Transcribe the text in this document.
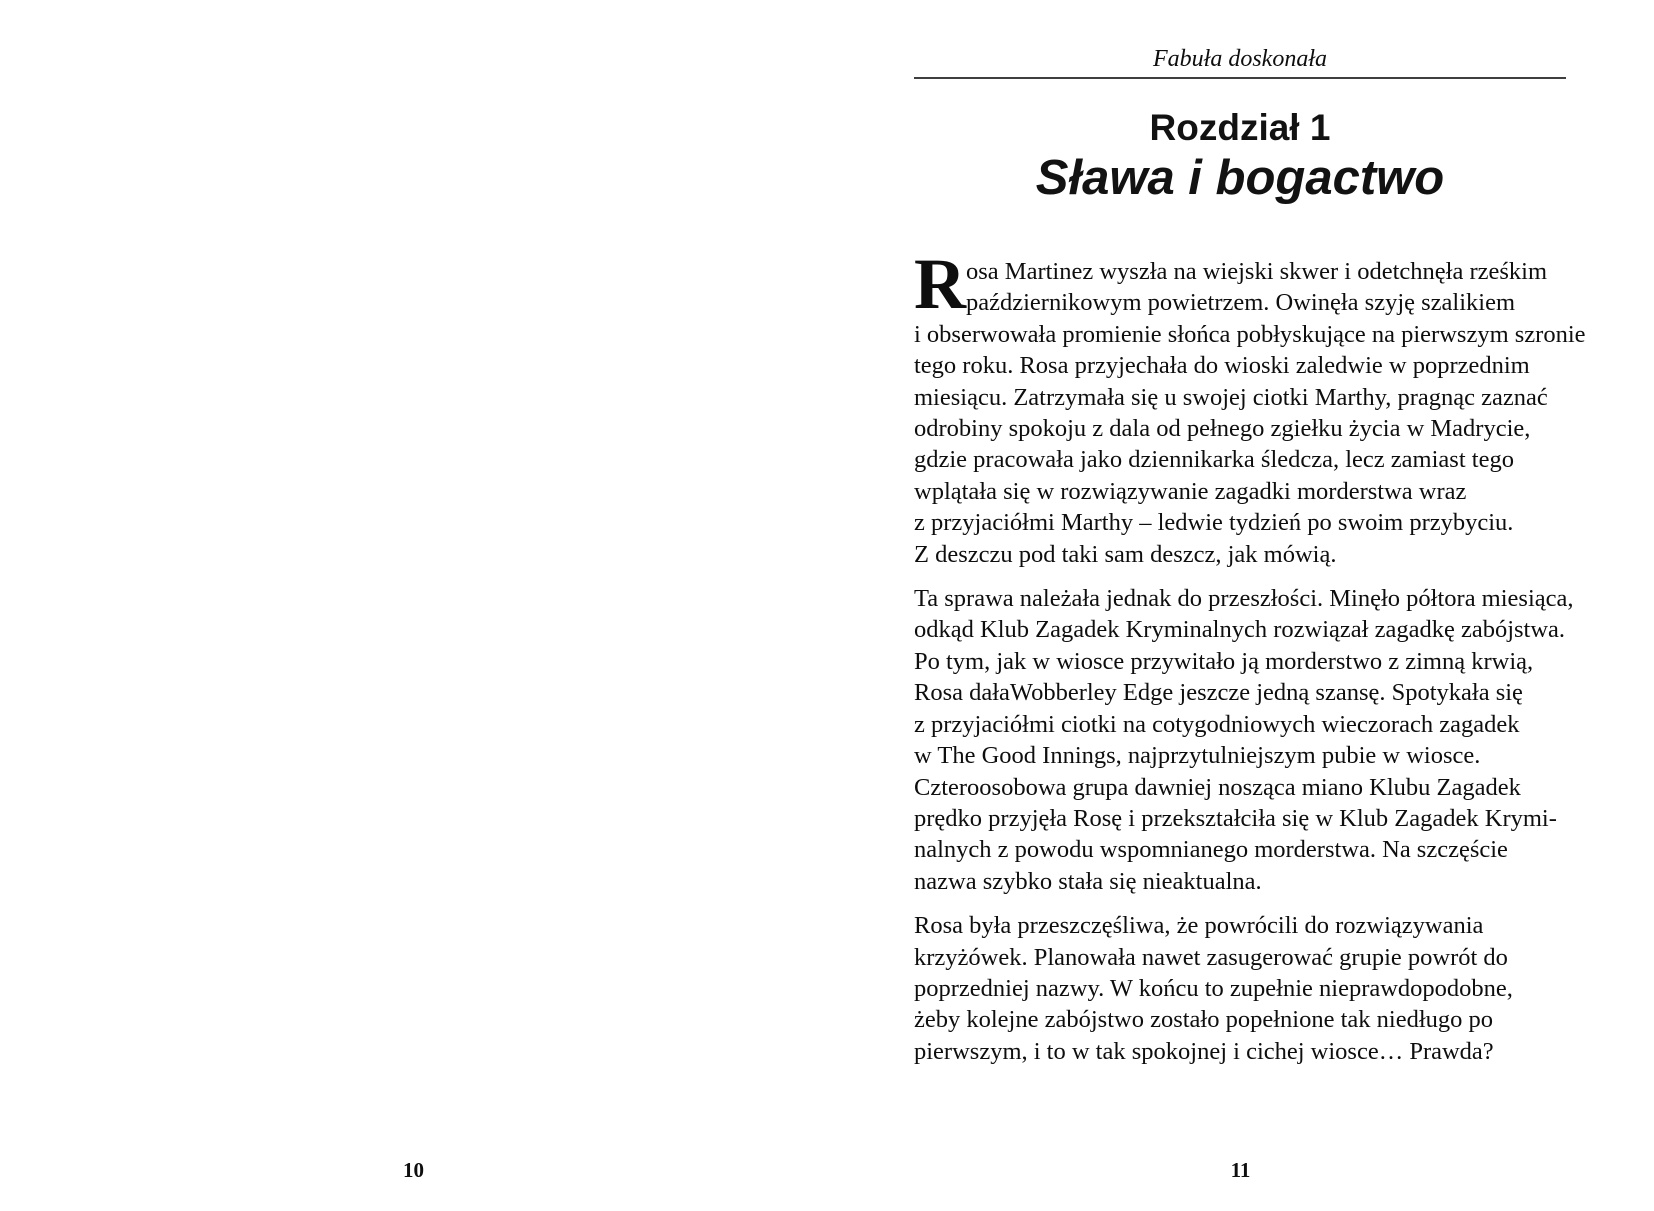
10
Fabuła doskonała
Rozdział 1
Sława i bogactwo
R osa Martinez wyszła na wiejski skwer i odetchnęła rześkim
październikowym powietrzem. Owinęła szyję szalikiem
i obserwowała promienie słońca pobłyskujące na pierwszym szronie
tego roku. Rosa przyjechała do wioski zaledwie w poprzednim
miesiącu. Zatrzymała się u swojej ciotki Marthy, pragnąc zaznać
odrobiny spokoju z dala od pełnego zgiełku życia w Madrycie,
gdzie pracowała jako dziennikarka śledcza, lecz zamiast tego
wplątała się w rozwiązywanie zagadki morderstwa wraz
z przyjaciółmi Marthy – ledwie tydzień po swoim przybyciu.
Z deszczu pod taki sam deszcz, jak mówią.
Ta sprawa należała jednak do przeszłości. Minęło półtora miesiąca,
odkąd Klub Zagadek Kryminalnych rozwiązał zagadkę zabójstwa.
Po tym, jak w wiosce przywitało ją morderstwo z zimną krwią,
Rosa dałaWobberley Edge jeszcze jedną szansę. Spotykała się
z przyjaciółmi ciotki na cotygodniowych wieczorach zagadek
w The Good Innings, najprzytulniejszym pubie w wiosce.
Czteroosobowa grupa dawniej nosząca miano Klubu Zagadek
prędko przyjęła Rosę i przekształciła się w Klub Zagadek Krymi-
nalnych z powodu wspomnianego morderstwa. Na szczęście
nazwa szybko stała się nieaktualna.
Rosa była przeszczęśliwa, że powrócili do rozwiązywania
krzyżówek. Planowała nawet zasugerować grupie powrót do
poprzedniej nazwy. W końcu to zupełnie nieprawdopodobne,
żeby kolejne zabójstwo zostało popełnione tak niedługo po
pierwszym, i to w tak spokojnej i cichej wiosce… Prawda?
11
